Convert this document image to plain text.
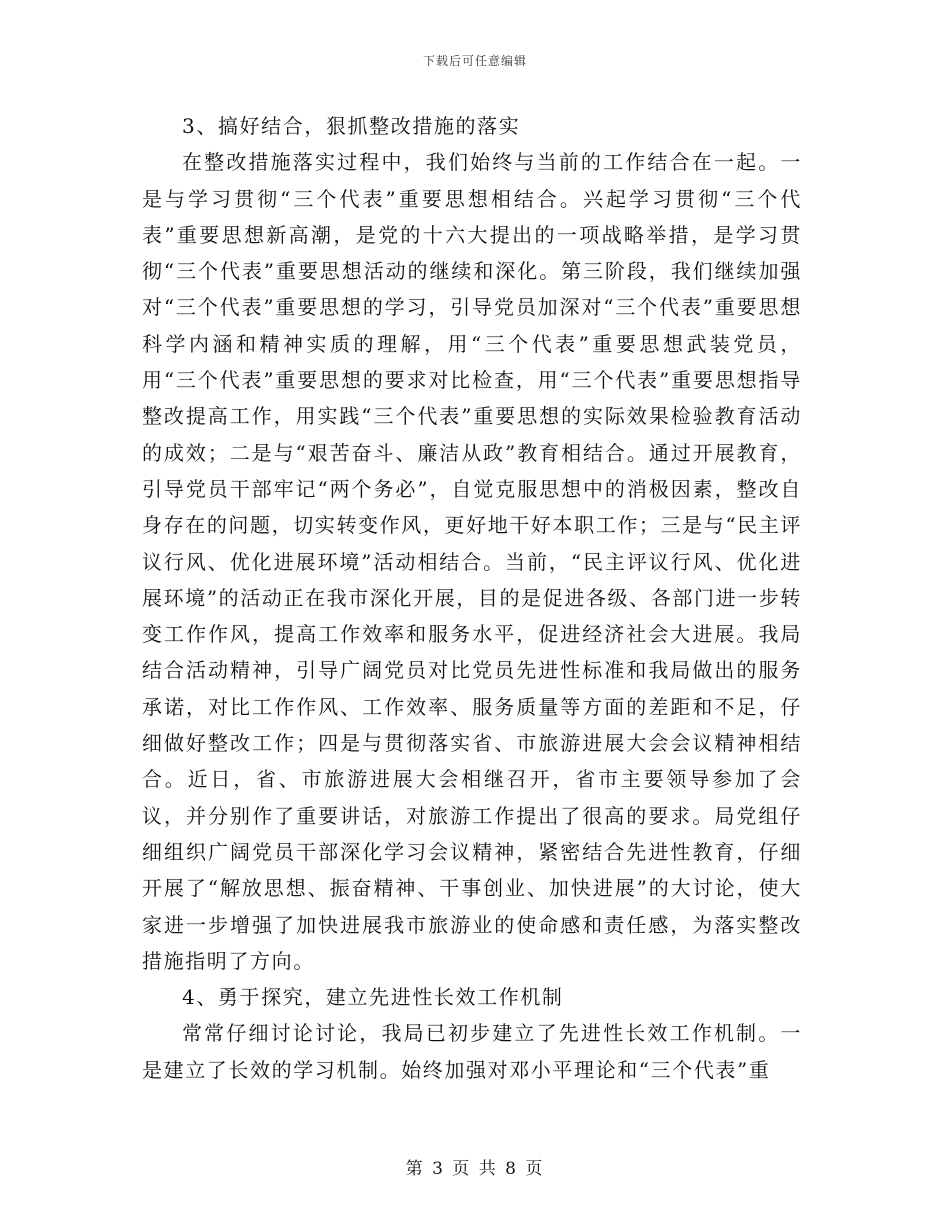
下载后可任意编辑

3、搞好结合，狠抓整改措施的落实

在整改措施落实过程中，我们始终与当前的工作结合在一起。一是与学习贯彻“三个代表”重要思想相结合。兴起学习贯彻“三个代表”重要思想新高潮，是党的十六大提出的一项战略举措，是学习贯彻“三个代表”重要思想活动的继续和深化。第三阶段，我们继续加强对“三个代表”重要思想的学习，引导党员加深对“三个代表”重要思想科学内涵和精神实质的理解，用“三个代表”重要思想武装党员，用“三个代表”重要思想的要求对比检查，用“三个代表”重要思想指导整改提高工作，用实践“三个代表”重要思想的实际效果检验教育活动的成效；二是与“艰苦奋斗、廉洁从政”教育相结合。通过开展教育，引导党员干部牢记“两个务必”，自觉克服思想中的消极因素，整改自身存在的问题，切实转变作风，更好地干好本职工作；三是与“民主评议行风、优化进展环境”活动相结合。当前，“民主评议行风、优化进展环境”的活动正在我市深化开展，目的是促进各级、各部门进一步转变工作作风，提高工作效率和服务水平，促进经济社会大进展。我局结合活动精神，引导广阔党员对比党员先进性标准和我局做出的服务承诺，对比工作作风、工作效率、服务质量等方面的差距和不足，仔细做好整改工作；四是与贯彻落实省、市旅游进展大会会议精神相结合。近日，省、市旅游进展大会相继召开，省市主要领导参加了会议，并分别作了重要讲话，对旅游工作提出了很高的要求。局党组仔细组织广阔党员干部深化学习会议精神，紧密结合先进性教育，仔细开展了“解放思想、振奋精神、干事创业、加快进展”的大讨论，使大家进一步增强了加快进展我市旅游业的使命感和责任感，为落实整改措施指明了方向。

4、勇于探究，建立先进性长效工作机制

常常仔细讨论讨论，我局已初步建立了先进性长效工作机制。一是建立了长效的学习机制。始终加强对邓小平理论和“三个代表”重

第 3 页 共 8 页
